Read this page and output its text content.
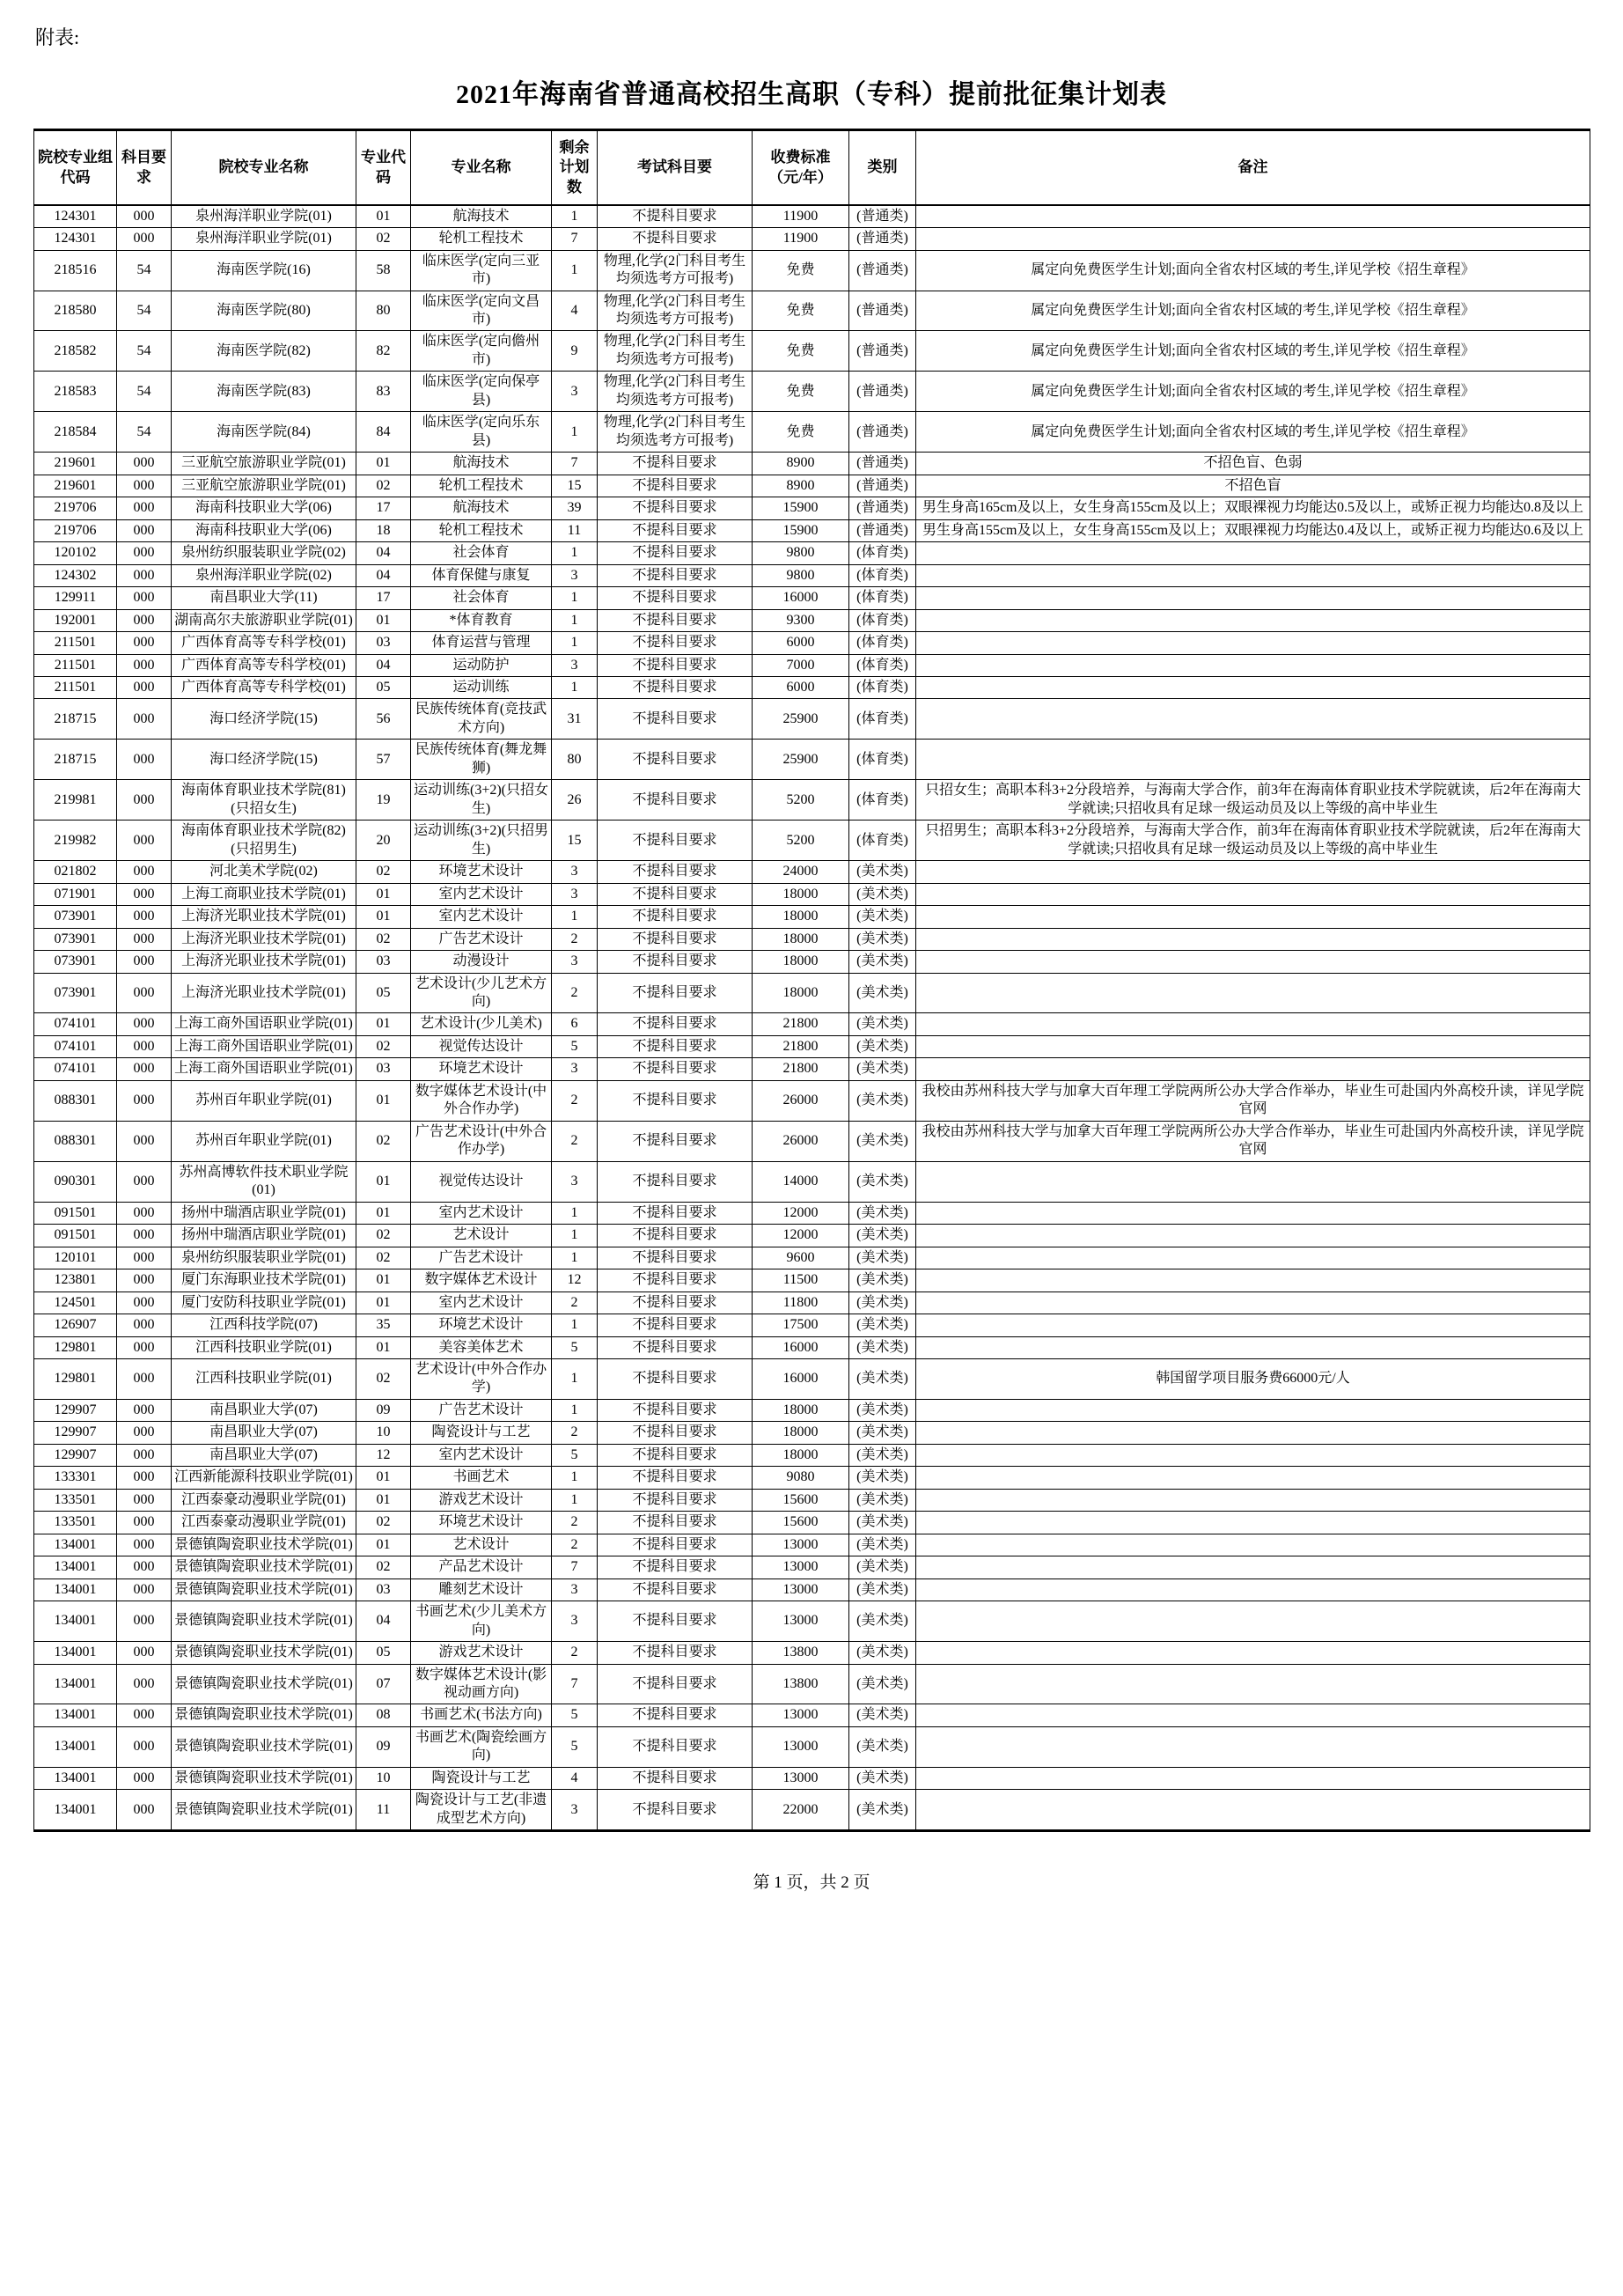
附表:
2021年海南省普通高校招生高职（专科）提前批征集计划表
院校专业组代码	科目要求	院校专业名称	专业代码	专业名称	剩余计划数	考试科目要	收费标准（元/年）	类别	备注
124301	000	泉州海洋职业学院(01)	01	航海技术	1	不提科目要求	11900	(普通类)	
124301	000	泉州海洋职业学院(01)	02	轮机工程技术	7	不提科目要求	11900	(普通类)	
218516	54	海南医学院(16)	58	临床医学(定向三亚市)	1	物理,化学(2门科目考生均须选考方可报考)	免费	(普通类)	属定向免费医学生计划;面向全省农村区域的考生,详见学校《招生章程》
218580	54	海南医学院(80)	80	临床医学(定向文昌市)	4	物理,化学(2门科目考生均须选考方可报考)	免费	(普通类)	属定向免费医学生计划;面向全省农村区域的考生,详见学校《招生章程》
218582	54	海南医学院(82)	82	临床医学(定向儋州市)	9	物理,化学(2门科目考生均须选考方可报考)	免费	(普通类)	属定向免费医学生计划;面向全省农村区域的考生,详见学校《招生章程》
218583	54	海南医学院(83)	83	临床医学(定向保亭县)	3	物理,化学(2门科目考生均须选考方可报考)	免费	(普通类)	属定向免费医学生计划;面向全省农村区域的考生,详见学校《招生章程》
218584	54	海南医学院(84)	84	临床医学(定向乐东县)	1	物理,化学(2门科目考生均须选考方可报考)	免费	(普通类)	属定向免费医学生计划;面向全省农村区域的考生,详见学校《招生章程》
219601	000	三亚航空旅游职业学院(01)	01	航海技术	7	不提科目要求	8900	(普通类)	不招色盲、色弱
219601	000	三亚航空旅游职业学院(01)	02	轮机工程技术	15	不提科目要求	8900	(普通类)	不招色盲
219706	000	海南科技职业大学(06)	17	航海技术	39	不提科目要求	15900	(普通类)	男生身高165cm及以上，女生身高155cm及以上；双眼裸视力均能达0.5及以上，或矫正视力均能达0.8及以上
219706	000	海南科技职业大学(06)	18	轮机工程技术	11	不提科目要求	15900	(普通类)	男生身高155cm及以上，女生身高155cm及以上；双眼裸视力均能达0.4及以上，或矫正视力均能达0.6及以上
120102	000	泉州纺织服装职业学院(02)	04	社会体育	1	不提科目要求	9800	(体育类)	
124302	000	泉州海洋职业学院(02)	04	体育保健与康复	3	不提科目要求	9800	(体育类)	
129911	000	南昌职业大学(11)	17	社会体育	1	不提科目要求	16000	(体育类)	
192001	000	湖南高尔夫旅游职业学院(01)	01	*体育教育	1	不提科目要求	9300	(体育类)	
211501	000	广西体育高等专科学校(01)	03	体育运营与管理	1	不提科目要求	6000	(体育类)	
211501	000	广西体育高等专科学校(01)	04	运动防护	3	不提科目要求	7000	(体育类)	
211501	000	广西体育高等专科学校(01)	05	运动训练	1	不提科目要求	6000	(体育类)	
218715	000	海口经济学院(15)	56	民族传统体育(竞技武术方向)	31	不提科目要求	25900	(体育类)	
218715	000	海口经济学院(15)	57	民族传统体育(舞龙舞狮)	80	不提科目要求	25900	(体育类)	
219981	000	海南体育职业技术学院(81)(只招女生)	19	运动训练(3+2)(只招女生)	26	不提科目要求	5200	(体育类)	只招女生；高职本科3+2分段培养，与海南大学合作，前3年在海南体育职业技术学院就读，后2年在海南大学就读;只招收具有足球一级运动员及以上等级的高中毕业生
219982	000	海南体育职业技术学院(82)(只招男生)	20	运动训练(3+2)(只招男生)	15	不提科目要求	5200	(体育类)	只招男生；高职本科3+2分段培养，与海南大学合作，前3年在海南体育职业技术学院就读，后2年在海南大学就读;只招收具有足球一级运动员及以上等级的高中毕业生
021802	000	河北美术学院(02)	02	环境艺术设计	3	不提科目要求	24000	(美术类)	
071901	000	上海工商职业技术学院(01)	01	室内艺术设计	3	不提科目要求	18000	(美术类)	
073901	000	上海济光职业技术学院(01)	01	室内艺术设计	1	不提科目要求	18000	(美术类)	
073901	000	上海济光职业技术学院(01)	02	广告艺术设计	2	不提科目要求	18000	(美术类)	
073901	000	上海济光职业技术学院(01)	03	动漫设计	3	不提科目要求	18000	(美术类)	
073901	000	上海济光职业技术学院(01)	05	艺术设计(少儿艺术方向)	2	不提科目要求	18000	(美术类)	
074101	000	上海工商外国语职业学院(01)	01	艺术设计(少儿美术)	6	不提科目要求	21800	(美术类)	
074101	000	上海工商外国语职业学院(01)	02	视觉传达设计	5	不提科目要求	21800	(美术类)	
074101	000	上海工商外国语职业学院(01)	03	环境艺术设计	3	不提科目要求	21800	(美术类)	
088301	000	苏州百年职业学院(01)	01	数字媒体艺术设计(中外合作办学)	2	不提科目要求	26000	(美术类)	我校由苏州科技大学与加拿大百年理工学院两所公办大学合作举办，毕业生可赴国内外高校升读，详见学院官网
088301	000	苏州百年职业学院(01)	02	广告艺术设计(中外合作办学)	2	不提科目要求	26000	(美术类)	我校由苏州科技大学与加拿大百年理工学院两所公办大学合作举办，毕业生可赴国内外高校升读，详见学院官网
090301	000	苏州高博软件技术职业学院(01)	01	视觉传达设计	3	不提科目要求	14000	(美术类)	
091501	000	扬州中瑞酒店职业学院(01)	01	室内艺术设计	1	不提科目要求	12000	(美术类)	
091501	000	扬州中瑞酒店职业学院(01)	02	艺术设计	1	不提科目要求	12000	(美术类)	
120101	000	泉州纺织服装职业学院(01)	02	广告艺术设计	1	不提科目要求	9600	(美术类)	
123801	000	厦门东海职业技术学院(01)	01	数字媒体艺术设计	12	不提科目要求	11500	(美术类)	
124501	000	厦门安防科技职业学院(01)	01	室内艺术设计	2	不提科目要求	11800	(美术类)	
126907	000	江西科技学院(07)	35	环境艺术设计	1	不提科目要求	17500	(美术类)	
129801	000	江西科技职业学院(01)	01	美容美体艺术	5	不提科目要求	16000	(美术类)	
129801	000	江西科技职业学院(01)	02	艺术设计(中外合作办学)	1	不提科目要求	16000	(美术类)	韩国留学项目服务费66000元/人
129907	000	南昌职业大学(07)	09	广告艺术设计	1	不提科目要求	18000	(美术类)	
129907	000	南昌职业大学(07)	10	陶瓷设计与工艺	2	不提科目要求	18000	(美术类)	
129907	000	南昌职业大学(07)	12	室内艺术设计	5	不提科目要求	18000	(美术类)	
133301	000	江西新能源科技职业学院(01)	01	书画艺术	1	不提科目要求	9080	(美术类)	
133501	000	江西泰豪动漫职业学院(01)	01	游戏艺术设计	1	不提科目要求	15600	(美术类)	
133501	000	江西泰豪动漫职业学院(01)	02	环境艺术设计	2	不提科目要求	15600	(美术类)	
134001	000	景德镇陶瓷职业技术学院(01)	01	艺术设计	2	不提科目要求	13000	(美术类)	
134001	000	景德镇陶瓷职业技术学院(01)	02	产品艺术设计	7	不提科目要求	13000	(美术类)	
134001	000	景德镇陶瓷职业技术学院(01)	03	雕刻艺术设计	3	不提科目要求	13000	(美术类)	
134001	000	景德镇陶瓷职业技术学院(01)	04	书画艺术(少儿美术方向)	3	不提科目要求	13000	(美术类)	
134001	000	景德镇陶瓷职业技术学院(01)	05	游戏艺术设计	2	不提科目要求	13800	(美术类)	
134001	000	景德镇陶瓷职业技术学院(01)	07	数字媒体艺术设计(影视动画方向)	7	不提科目要求	13800	(美术类)	
134001	000	景德镇陶瓷职业技术学院(01)	08	书画艺术(书法方向)	5	不提科目要求	13000	(美术类)	
134001	000	景德镇陶瓷职业技术学院(01)	09	书画艺术(陶瓷绘画方向)	5	不提科目要求	13000	(美术类)	
134001	000	景德镇陶瓷职业技术学院(01)	10	陶瓷设计与工艺	4	不提科目要求	13000	(美术类)	
134001	000	景德镇陶瓷职业技术学院(01)	11	陶瓷设计与工艺(非遗成型艺术方向)	3	不提科目要求	22000	(美术类)	
第 1 页，共 2 页
